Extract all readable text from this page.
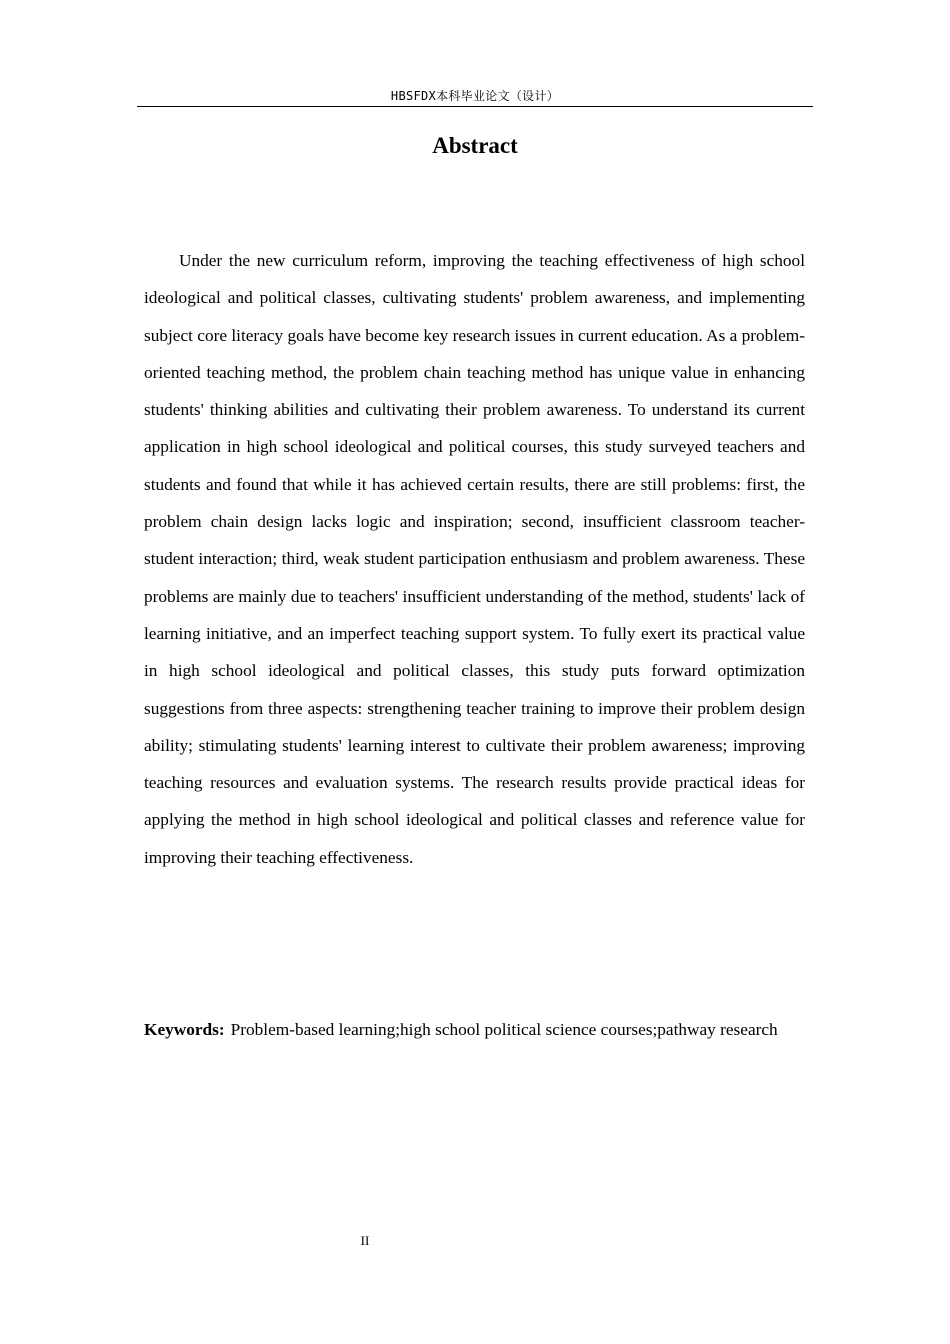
HBSFDX本科毕业论文（设计）
Abstract

Under the new curriculum reform, improving the teaching effectiveness of high school ideological and political classes, cultivating students' problem awareness, and implementing subject core literacy goals have become key research issues in current education. As a problem-oriented teaching method, the problem chain teaching method has unique value in enhancing students' thinking abilities and cultivating their problem awareness. To understand its current application in high school ideological and political courses, this study surveyed teachers and students and found that while it has achieved certain results, there are still problems: first, the problem chain design lacks logic and inspiration; second, insufficient classroom teacher-student interaction; third, weak student participation enthusiasm and problem awareness. These problems are mainly due to teachers' insufficient understanding of the method, students' lack of learning initiative, and an imperfect teaching support system. To fully exert its practical value in high school ideological and political classes, this study puts forward optimization suggestions from three aspects: strengthening teacher training to improve their problem design ability; stimulating students' learning interest to cultivate their problem awareness; improving teaching resources and evaluation systems. The research results provide practical ideas for applying the method in high school ideological and political classes and reference value for improving their teaching effectiveness.

Keywords: Problem-based learning;high school political science courses;pathway research

II
